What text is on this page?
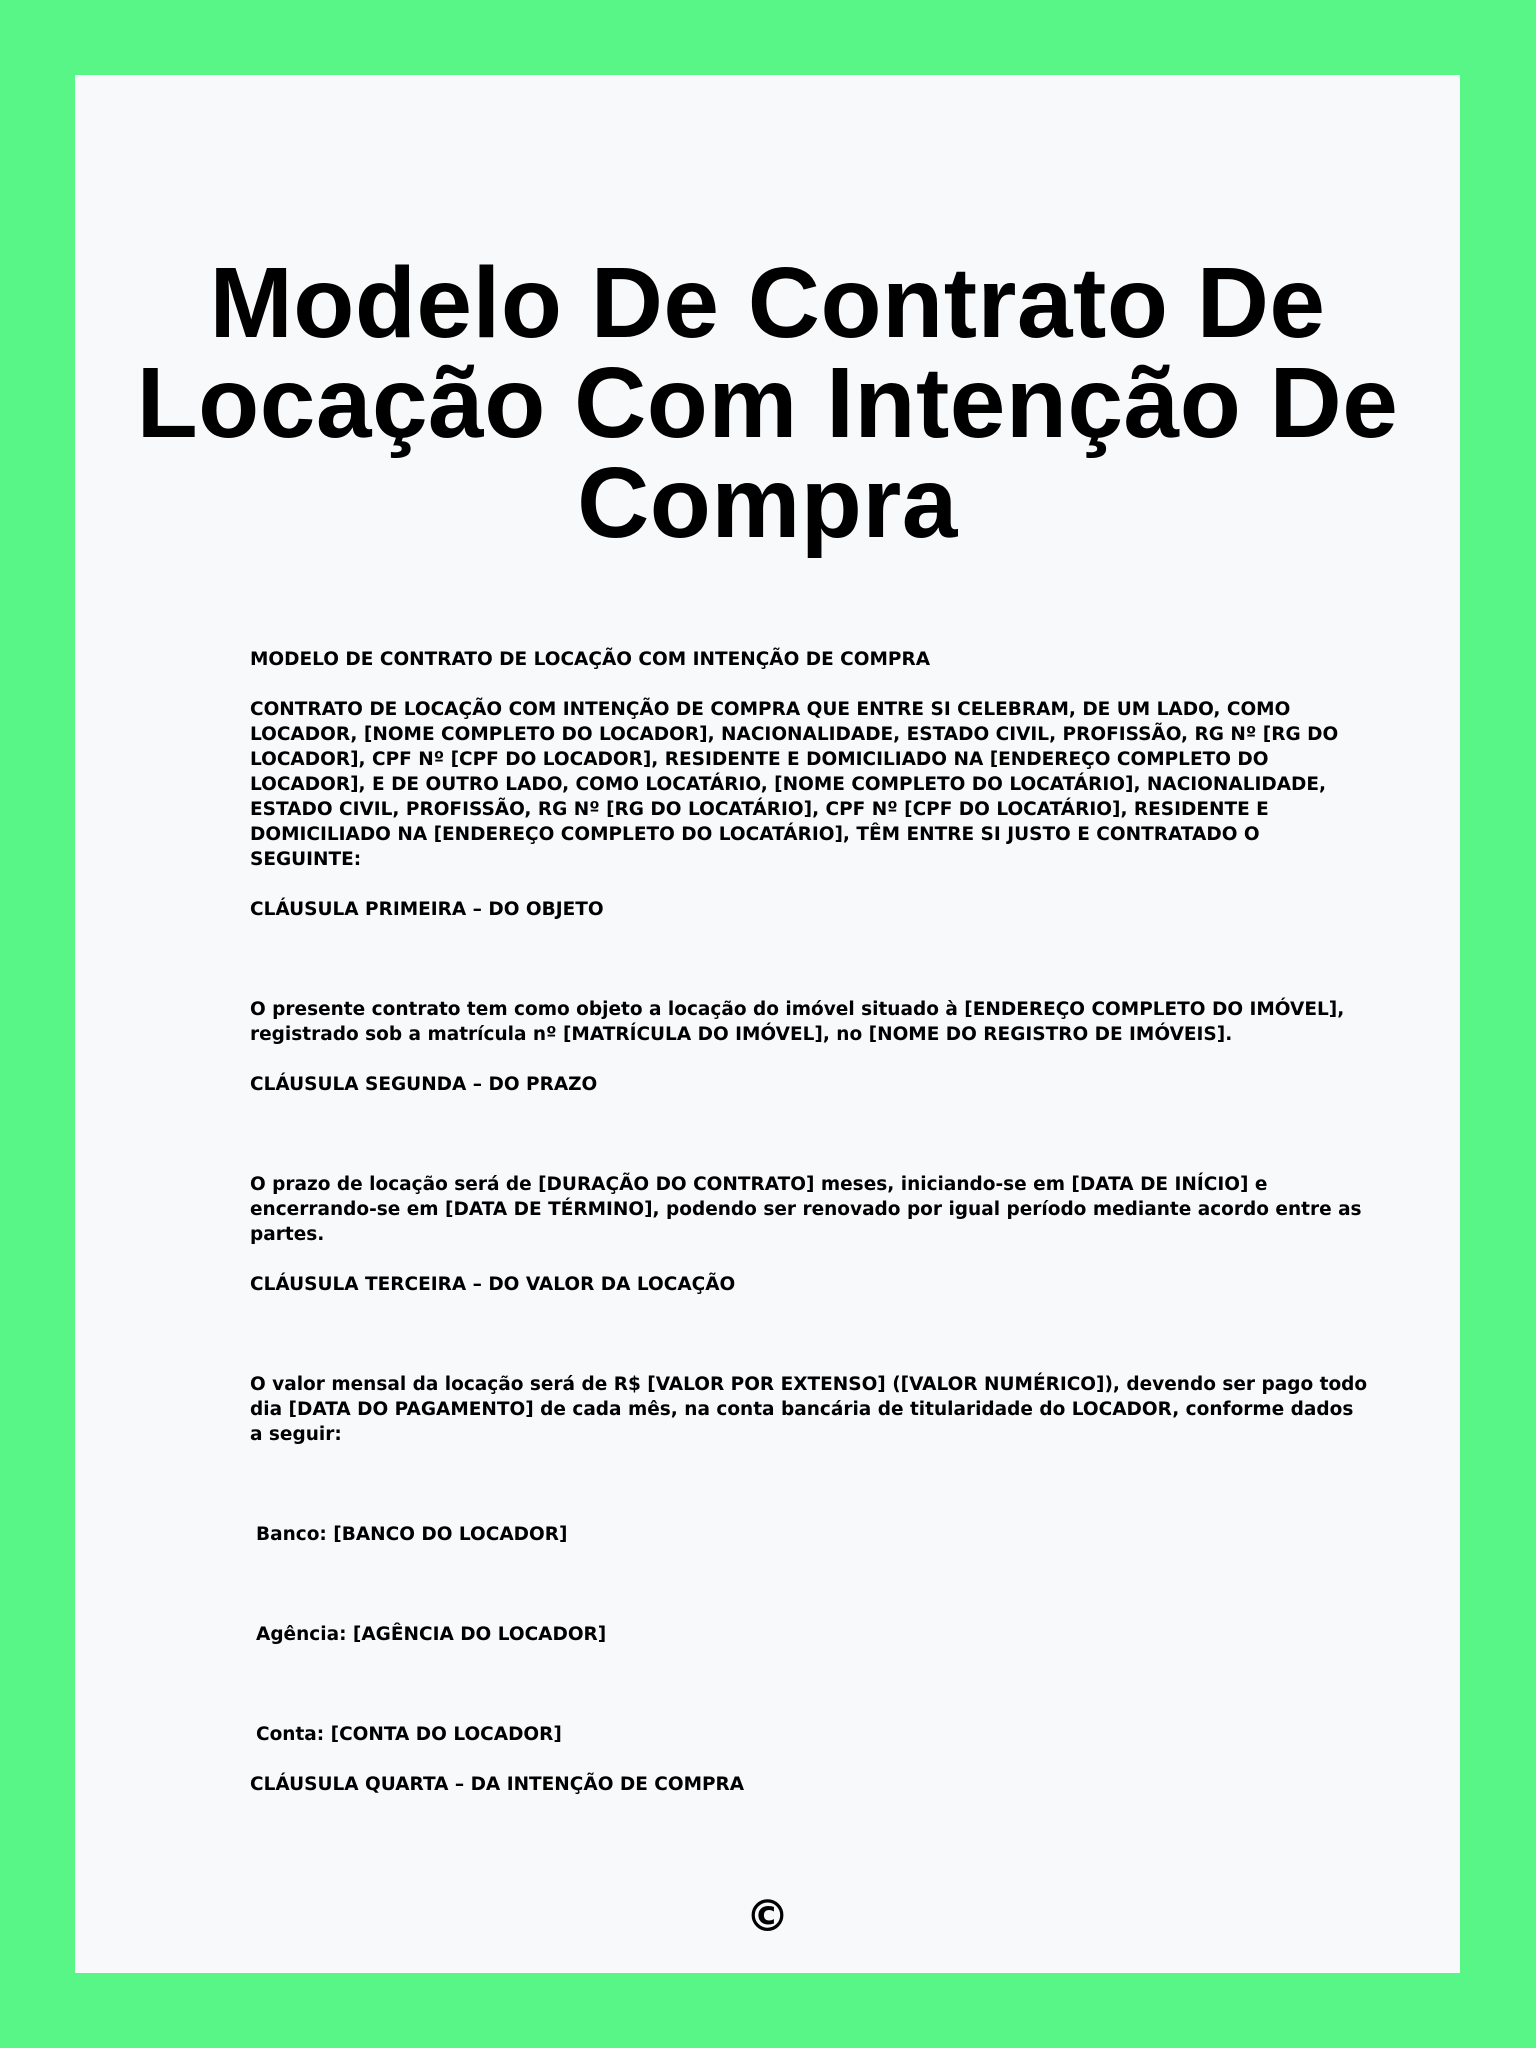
Modelo De Contrato De Locação Com Intenção De Compra

MODELO DE CONTRATO DE LOCAÇÃO COM INTENÇÃO DE COMPRA

CONTRATO DE LOCAÇÃO COM INTENÇÃO DE COMPRA QUE ENTRE SI CELEBRAM, DE UM LADO, COMO LOCADOR, [NOME COMPLETO DO LOCADOR], NACIONALIDADE, ESTADO CIVIL, PROFISSÃO, RG Nº [RG DO LOCADOR], CPF Nº [CPF DO LOCADOR], RESIDENTE E DOMICILIADO NA [ENDEREÇO COMPLETO DO LOCADOR], E DE OUTRO LADO, COMO LOCATÁRIO, [NOME COMPLETO DO LOCATÁRIO], NACIONALIDADE, ESTADO CIVIL, PROFISSÃO, RG Nº [RG DO LOCATÁRIO], CPF Nº [CPF DO LOCATÁRIO], RESIDENTE E DOMICILIADO NA [ENDEREÇO COMPLETO DO LOCATÁRIO], TÊM ENTRE SI JUSTO E CONTRATADO O SEGUINTE:

CLÁUSULA PRIMEIRA – DO OBJETO

O presente contrato tem como objeto a locação do imóvel situado à [ENDEREÇO COMPLETO DO IMÓVEL], registrado sob a matrícula nº [MATRÍCULA DO IMÓVEL], no [NOME DO REGISTRO DE IMÓVEIS].

CLÁUSULA SEGUNDA – DO PRAZO

O prazo de locação será de [DURAÇÃO DO CONTRATO] meses, iniciando-se em [DATA DE INÍCIO] e encerrando-se em [DATA DE TÉRMINO], podendo ser renovado por igual período mediante acordo entre as partes.

CLÁUSULA TERCEIRA – DO VALOR DA LOCAÇÃO

O valor mensal da locação será de R$ [VALOR POR EXTENSO] ([VALOR NUMÉRICO]), devendo ser pago todo dia [DATA DO PAGAMENTO] de cada mês, na conta bancária de titularidade do LOCADOR, conforme dados a seguir:

Banco: [BANCO DO LOCADOR]

Agência: [AGÊNCIA DO LOCADOR]

Conta: [CONTA DO LOCADOR]

CLÁUSULA QUARTA – DA INTENÇÃO DE COMPRA

©
